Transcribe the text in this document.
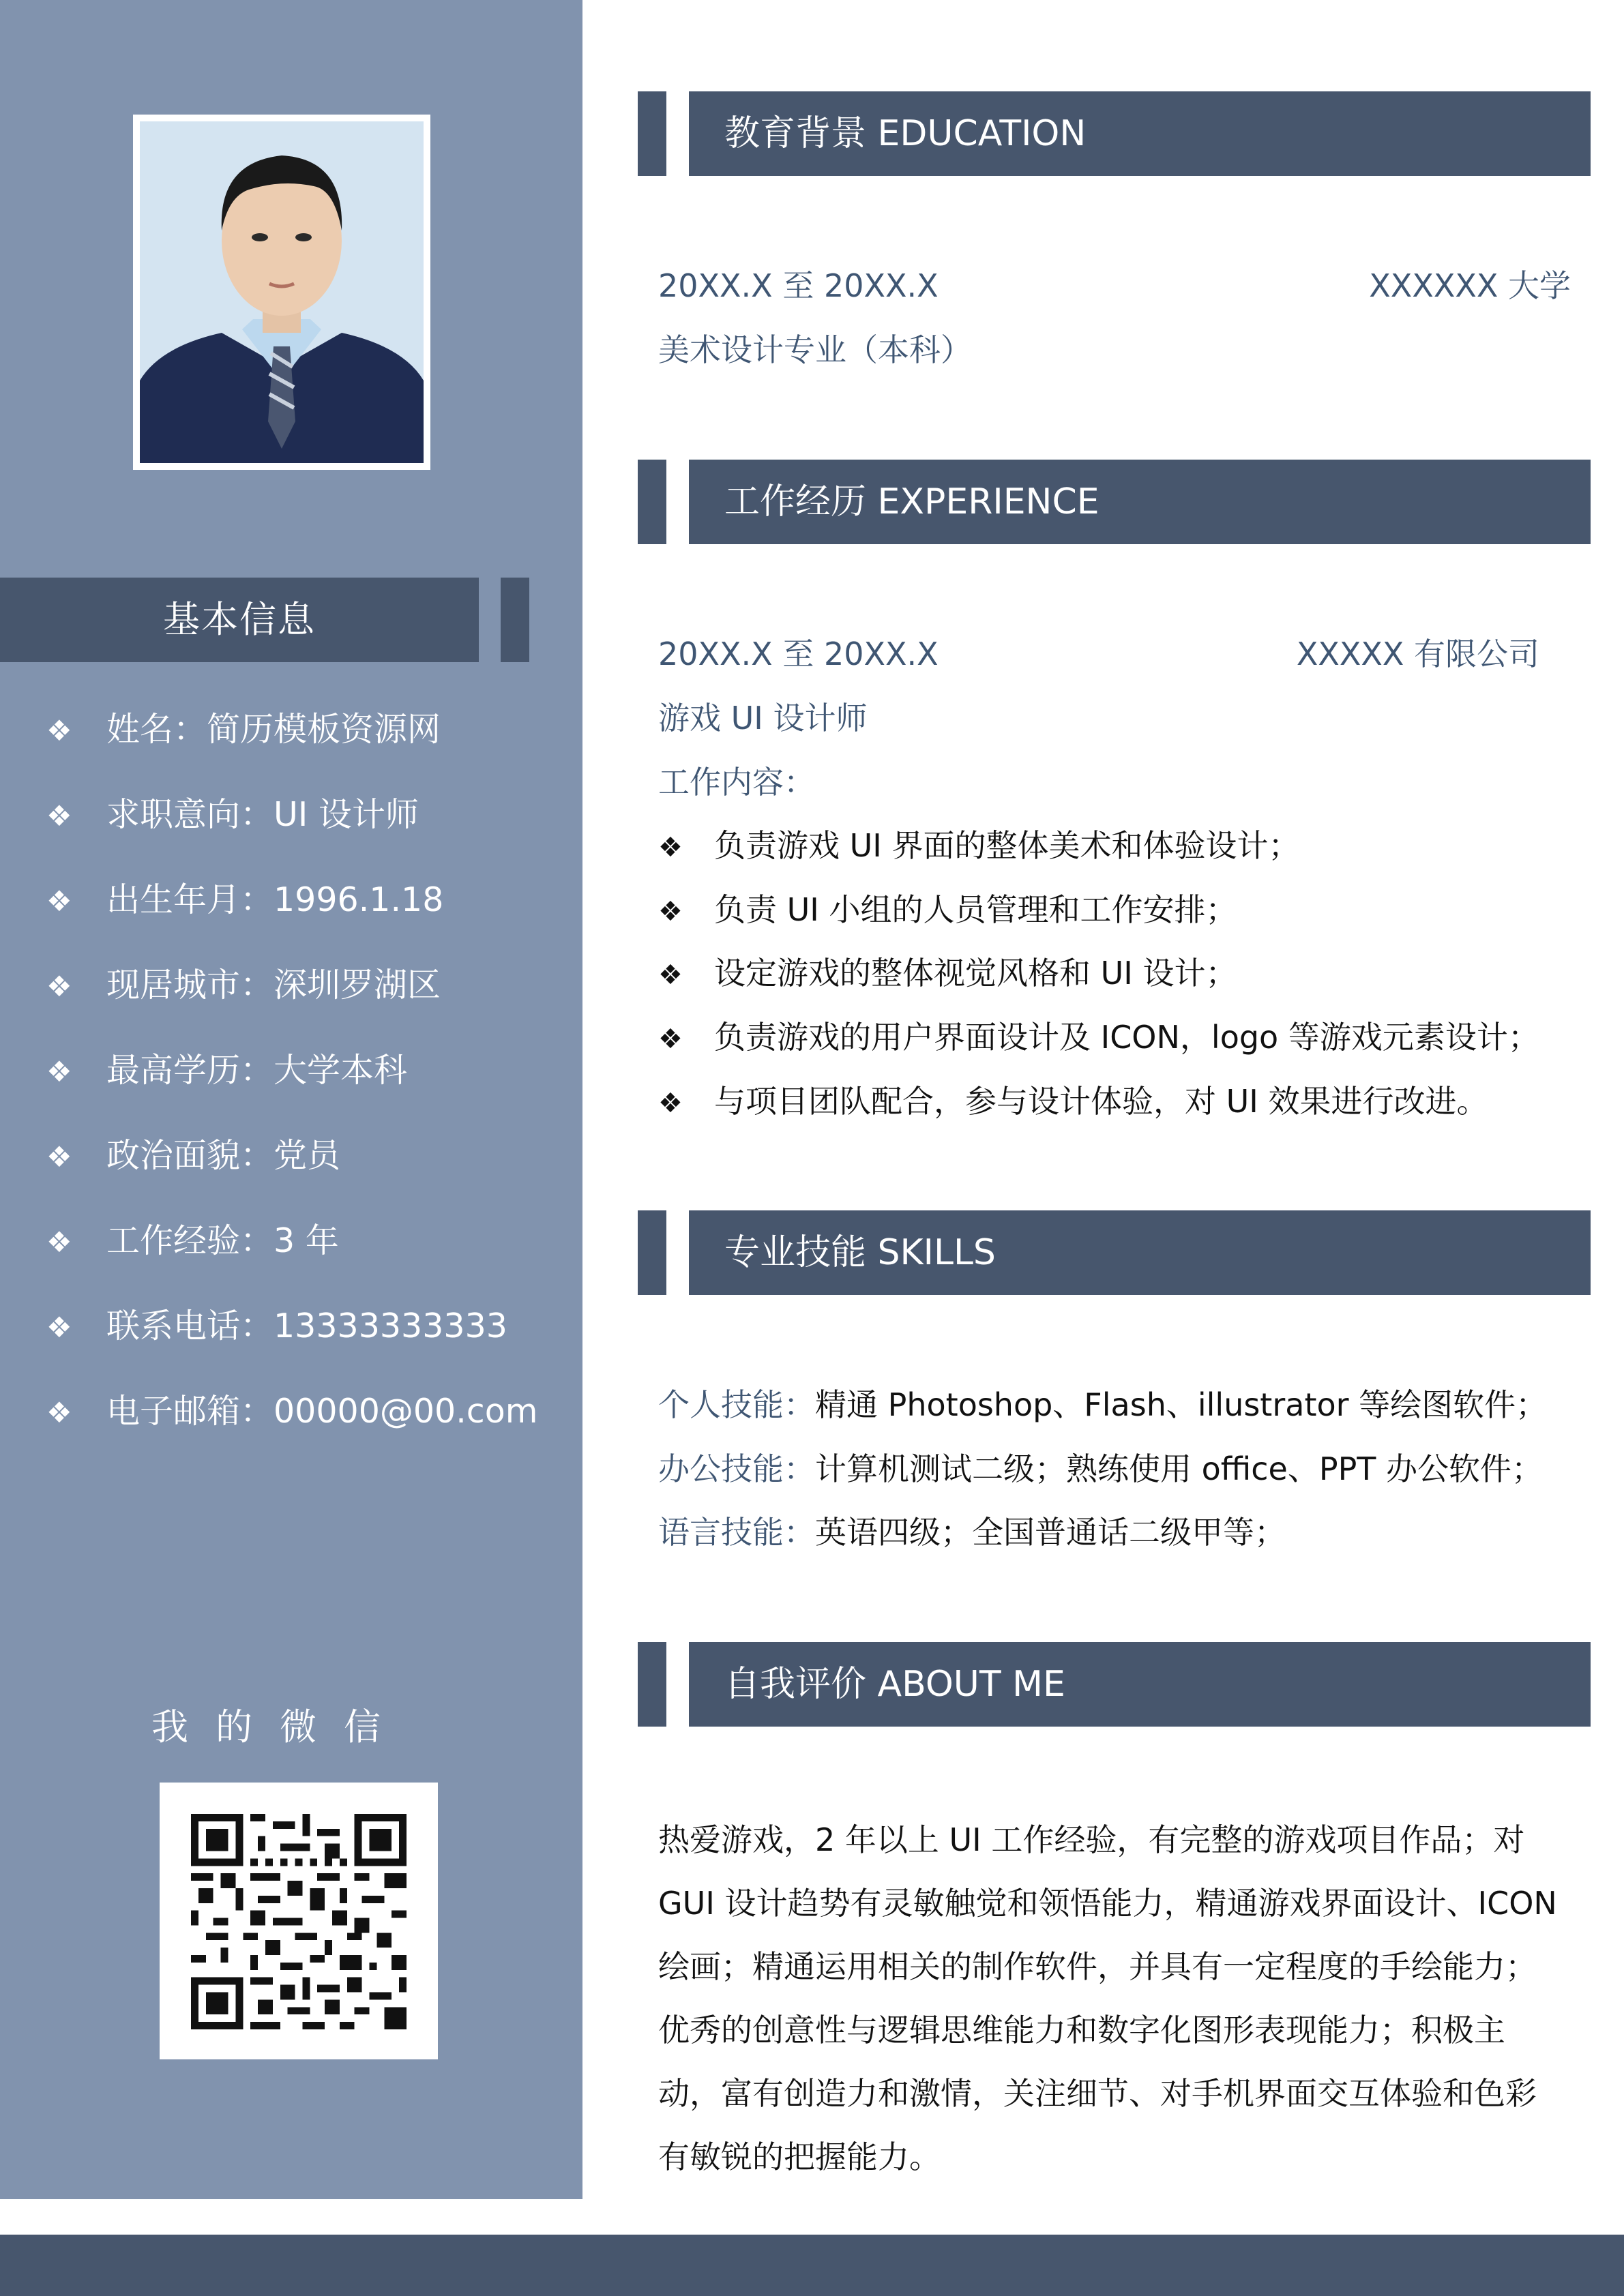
基本信息
❖ 姓名：简历模板资源网
❖ 求职意向：UI 设计师
❖ 出生年月：1996.1.18
❖ 现居城市：深圳罗湖区
❖ 最高学历：大学本科
❖ 政治面貌：党员
❖ 工作经验：3 年
❖ 联系电话：13333333333
❖ 电子邮箱：00000@00.com
我的微信
教育背景 EDUCATION
20XX.X 至 20XX.X	XXXXXX 大学
美术设计专业（本科）
工作经历 EXPERIENCE
20XX.X 至 20XX.X	XXXXX 有限公司
游戏 UI 设计师
工作内容：
❖ 负责游戏 UI 界面的整体美术和体验设计；
❖ 负责 UI 小组的人员管理和工作安排；
❖ 设定游戏的整体视觉风格和 UI 设计；
❖ 负责游戏的用户界面设计及 ICON，logo 等游戏元素设计；
❖ 与项目团队配合，参与设计体验，对 UI 效果进行改进。
专业技能 SKILLS
个人技能：精通 Photoshop、Flash、illustrator 等绘图软件；
办公技能：计算机测试二级；熟练使用 office、PPT 办公软件；
语言技能：英语四级；全国普通话二级甲等；
自我评价 ABOUT ME
热爱游戏，2 年以上 UI 工作经验，有完整的游戏项目作品；对
GUI 设计趋势有灵敏触觉和领悟能力，精通游戏界面设计、ICON
绘画；精通运用相关的制作软件，并具有一定程度的手绘能力；
优秀的创意性与逻辑思维能力和数字化图形表现能力；积极主
动，富有创造力和激情，关注细节、对手机界面交互体验和色彩
有敏锐的把握能力。
